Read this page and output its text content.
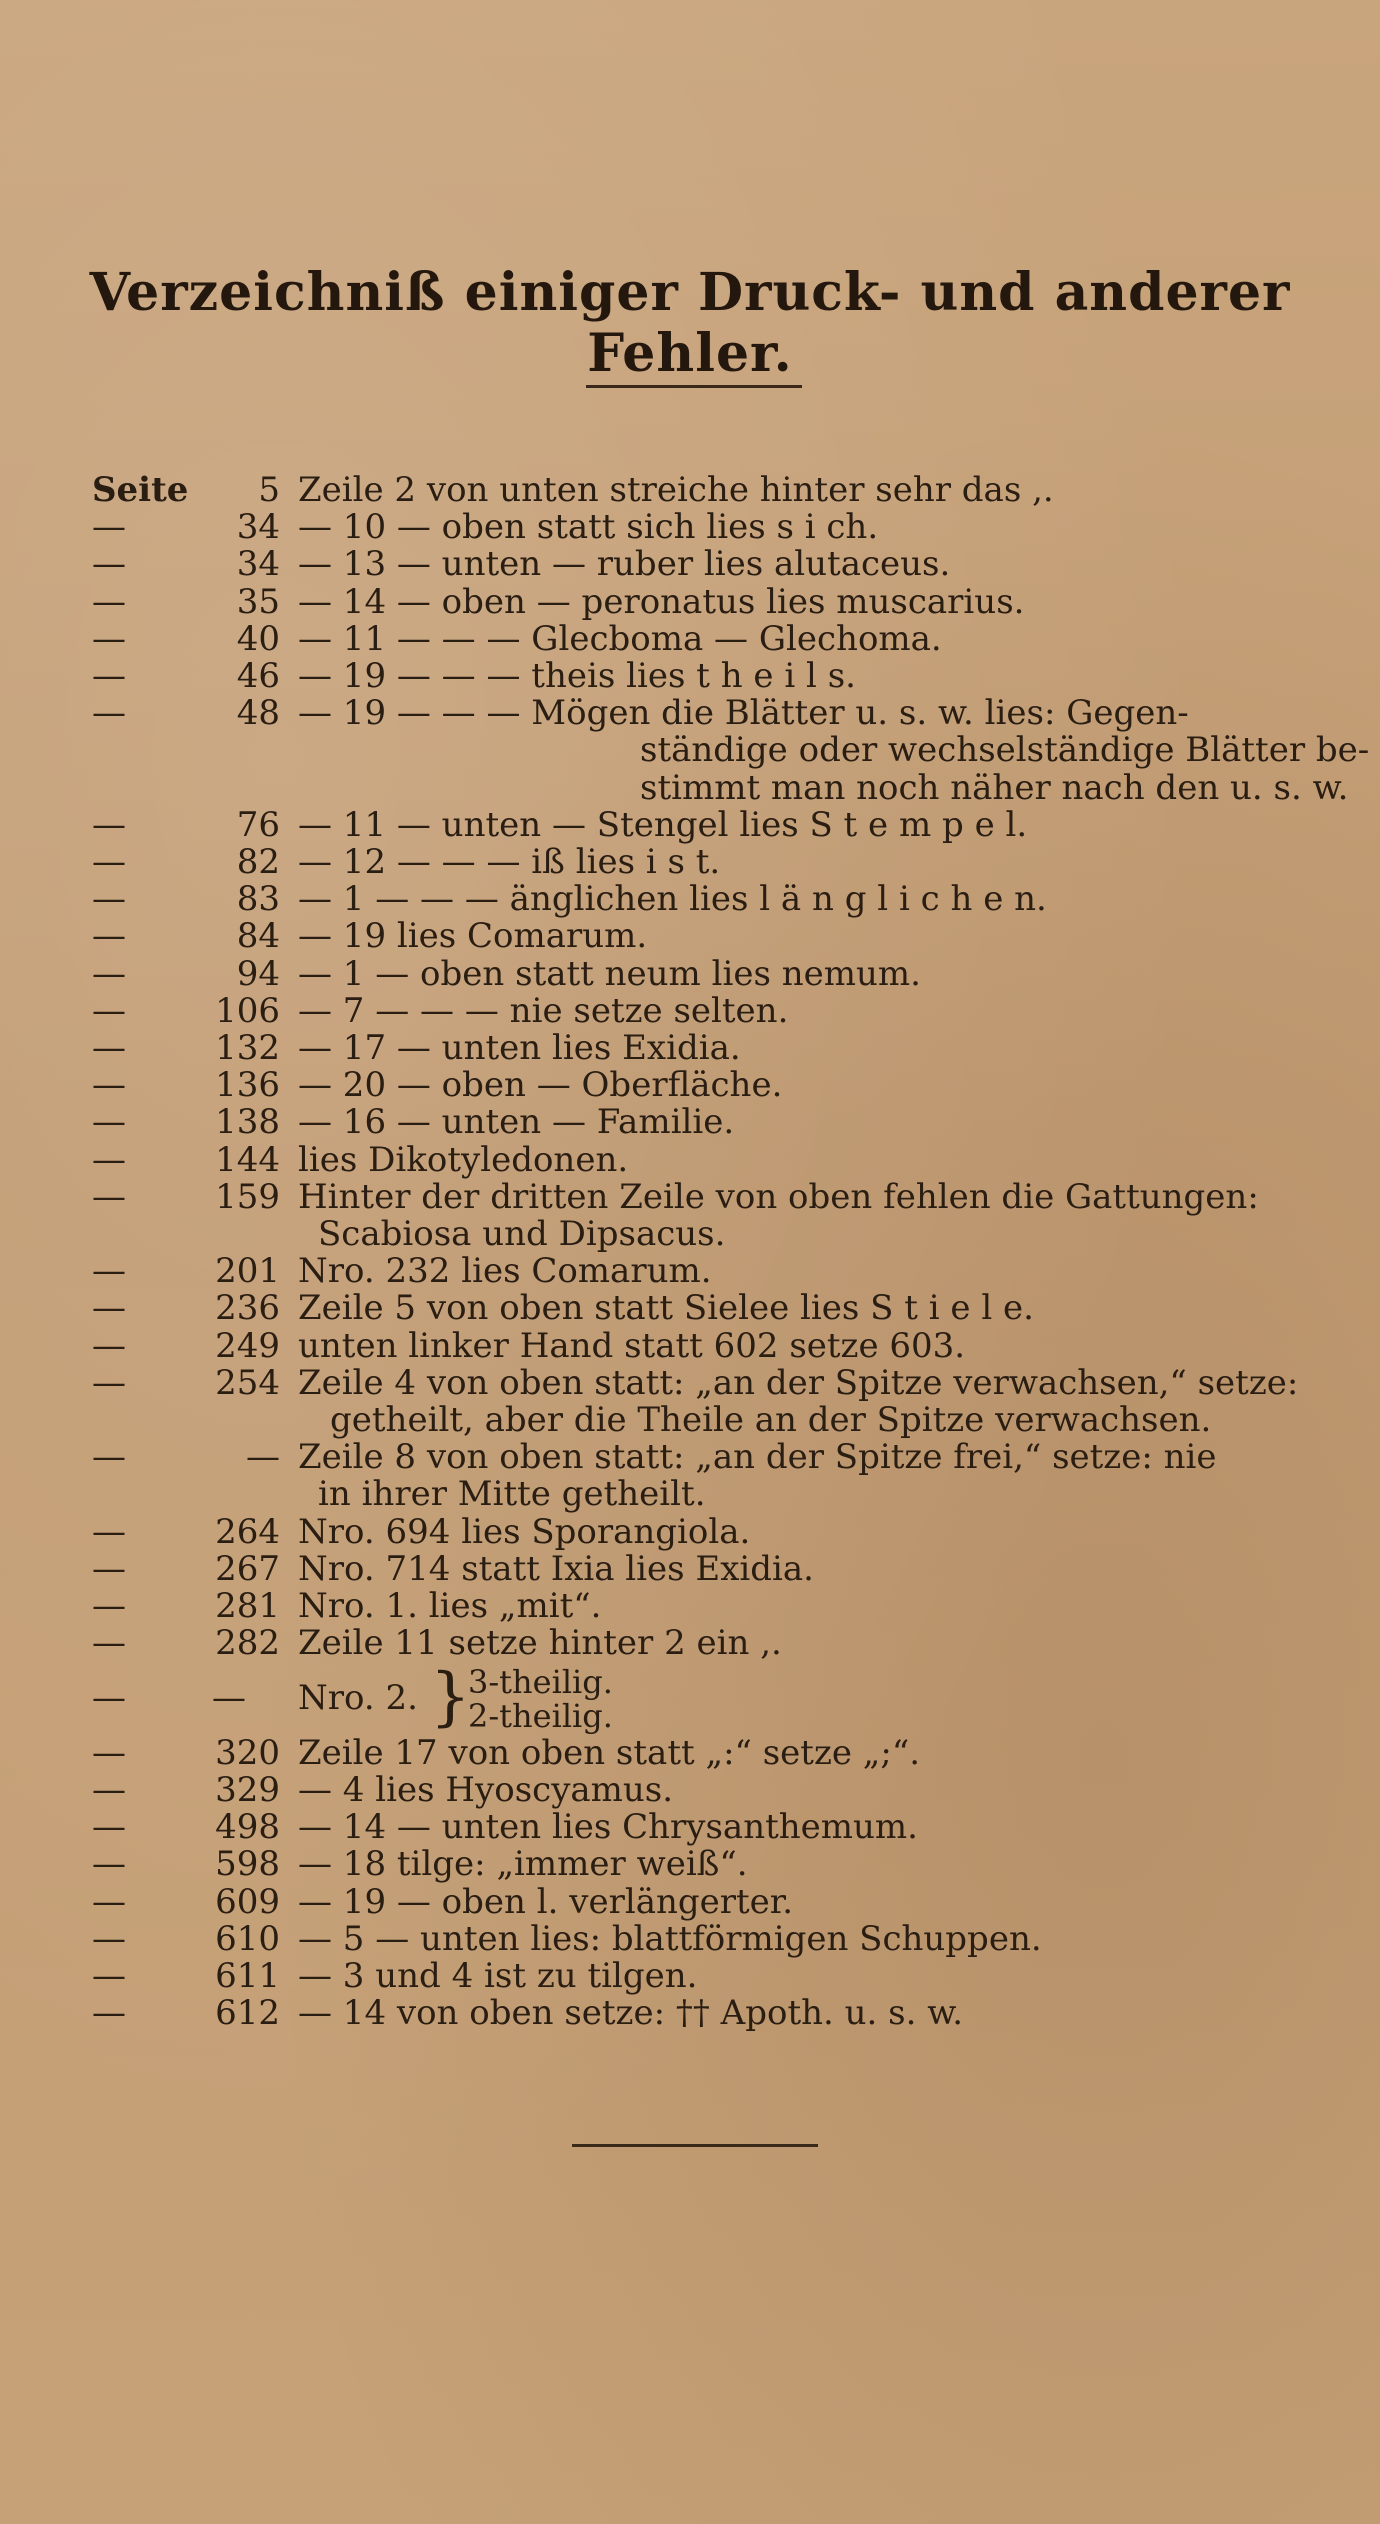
Verzeichniß einiger Druck- und anderer Fehler.
Seite	5 Zeile 2 von unten streiche hinter sehr das ,.
—	34 — 10 — oben statt sich lies s i ch.
—	34 — 13 — unten — ruber lies alutaceus.
—	35 — 14 — oben — peronatus lies muscarius.
—	40 — 11 — — — Glecboma — Glechoma.
—	46 — 19 — — — theis lies t h e i l s.
—	48 — 19 — — — Mögen die Blätter u. s. w. lies: Gegen-
ständige oder wechselständige Blätter be-
stimmt man noch näher nach den u. s. w.
—	76 — 11 — unten — Stengel lies S t e m p e l.
—	82 — 12 — — — iß lies i s t.
—	83 — 1 — — — änglichen lies l ä n g l i c h e n.
—	84 — 19 lies Comarum.
—	94 — 1 — oben statt neum lies nemum.
—	106 — 7 — — — nie setze selten.
—	132 — 17 — unten lies Exidia.
—	136 — 20 — oben — Oberfläche.
—	138 — 16 — unten — Familie.
—	144 lies Dikotyledonen.
—	159 Hinter der dritten Zeile von oben fehlen die Gattungen:
Scabiosa und Dipsacus.
—	201 Nro. 232 lies Comarum.
—	236 Zeile 5 von oben statt Sielee lies S t i e l e.
—	249 unten linker Hand statt 602 setze 603.
—	254 Zeile 4 von oben statt: „an der Spitze verwachsen,“ setze:
getheilt, aber die Theile an der Spitze verwachsen.
—	— Zeile 8 von oben statt: „an der Spitze frei,“ setze: nie
in ihrer Mitte getheilt.
—	264 Nro. 694 lies Sporangiola.
—	267 Nro. 714 statt Ixia lies Exidia.
—	281 Nro. 1. lies „mit“.
—	282 Zeile 11 setze hinter 2 ein ,.
—	— Nro. 2. }
3-theilig.
2-theilig.
—	320 Zeile 17 von oben statt „:“ setze „;“.
—	329 — 4 lies Hyoscyamus.
—	498 — 14 — unten lies Chrysanthemum.
—	598 — 18 tilge: „immer weiß“.
—	609 — 19 — oben l. verlängerter.
—	610 — 5 — unten lies: blattförmigen Schuppen.
—	611 — 3 und 4 ist zu tilgen.
—	612 — 14 von oben setze: †† Apoth. u. s. w.
